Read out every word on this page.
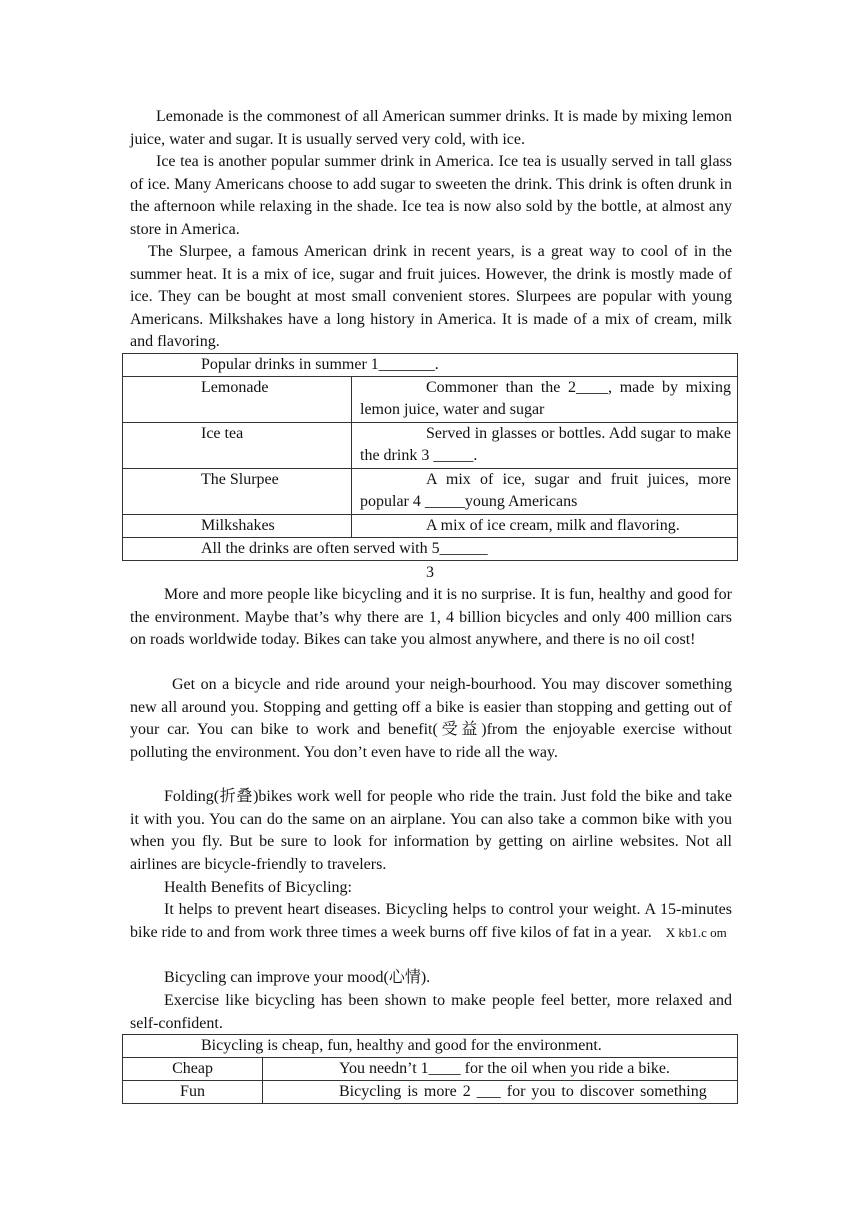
Lemonade is the commonest of all American summer drinks. It is made by mixing lemon juice, water and sugar. It is usually served very cold, with ice.

Ice tea is another popular summer drink in America. Ice tea is usually served in tall glass of ice. Many Americans choose to add sugar to sweeten the drink. This drink is often drunk in the afternoon while relaxing in the shade. Ice tea is now also sold by the bottle, at almost any store in America.

The Slurpee, a famous American drink in recent years, is a great way to cool of in the summer heat. It is a mix of ice, sugar and fruit juices. However, the drink is mostly made of ice. They can be bought at most small convenient stores. Slurpees are popular with young Americans. Milkshakes have a long history in America. It is made of a mix of cream, milk and flavoring.

Popular drinks in summer 1_______.	
Lemonade	Commoner than the 2____, made by mixing lemon juice, water and sugar
Ice tea	Served in glasses or bottles. Add sugar to make the drink 3 _____.
The Slurpee	A mix of ice, sugar and fruit juices, more popular 4 _____young Americans
Milkshakes	A mix of ice cream, milk and flavoring.
All the drinks are often served with 5______	

3

More and more people like bicycling and it is no surprise. It is fun, healthy and good for the environment. Maybe that’s why there are 1, 4 billion bicycles and only 400 million cars on roads worldwide today. Bikes can take you almost anywhere, and there is no oil cost!

Get on a bicycle and ride around your neigh-bourhood. You may discover something new all around you. Stopping and getting off a bike is easier than stopping and getting out of your car. You can bike to work and benefit(受益)from the enjoyable exercise without polluting the environment. You don’t even have to ride all the way.

Folding(折叠)bikes work well for people who ride the train. Just fold the bike and take it with you. You can do the same on an airplane. You can also take a common bike with you when you fly. But be sure to look for information by getting on airline websites. Not all airlines are bicycle-friendly to travelers.

Health Benefits of Bicycling:

It helps to prevent heart diseases. Bicycling helps to control your weight. A 15-minutes bike ride to and from work three times a week burns off five kilos of fat in a year. X kb1.c om

Bicycling can improve your mood(心情).

Exercise like bicycling has been shown to make people feel better, more relaxed and self-confident.

Bicycling is cheap, fun, healthy and good for the environment.	
Cheap	You needn’t 1____ for the oil when you ride a bike.
Fun	Bicycling is more 2 ___ for you to discover something
